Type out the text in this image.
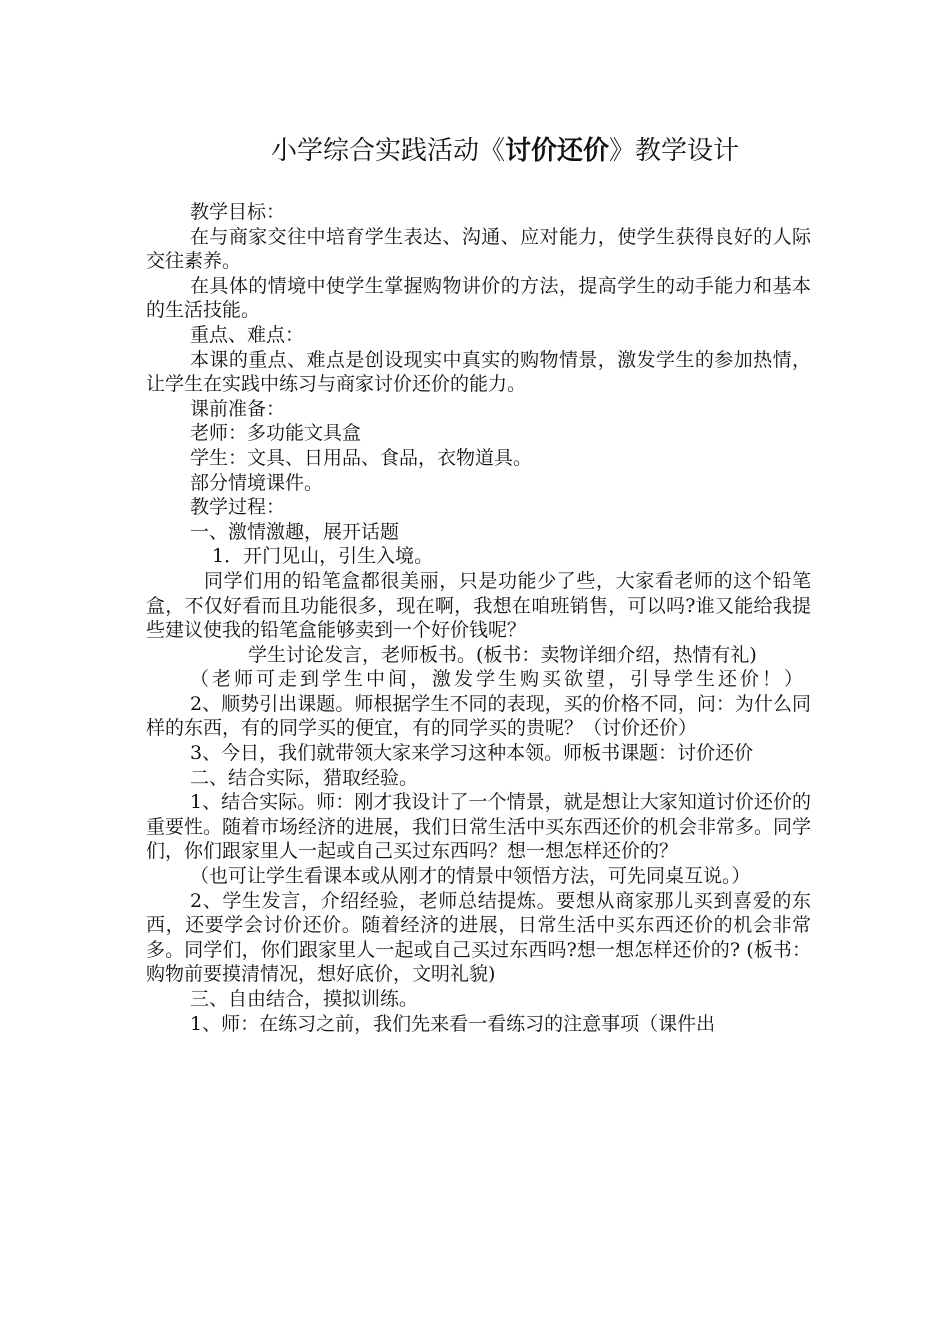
小学综合实践活动《讨价还价》教学设计

教学目标：

在与商家交往中培育学生表达、沟通、应对能力，使学生获得良好的人际交往素养。

在具体的情境中使学生掌握购物讲价的方法，提高学生的动手能力和基本的生活技能。

重点、难点：

本课的重点、难点是创设现实中真实的购物情景，激发学生的参加热情，让学生在实践中练习与商家讨价还价的能力。

课前准备：

老师：多功能文具盒

学生：文具、日用品、食品，衣物道具。

部分情境课件。

教学过程：

一、激情激趣，展开话题

1．开门见山，引生入境。

同学们用的铅笔盒都很美丽，只是功能少了些，大家看老师的这个铅笔盒，不仅好看而且功能很多，现在啊，我想在咱班销售，可以吗?谁又能给我提些建议使我的铅笔盒能够卖到一个好价钱呢？

学生讨论发言，老师板书。(板书：卖物详细介绍，热情有礼)

（老师可走到学生中间，激发学生购买欲望，引导学生还价！）

2、顺势引出课题。师根据学生不同的表现，买的价格不同，问：为什么同样的东西，有的同学买的便宜，有的同学买的贵呢？（讨价还价）

3、今日，我们就带领大家来学习这种本领。师板书课题：讨价还价

二、结合实际，猎取经验。

1、结合实际。师：刚才我设计了一个情景，就是想让大家知道讨价还价的重要性。随着市场经济的进展，我们日常生活中买东西还价的机会非常多。同学们，你们跟家里人一起或自己买过东西吗？想一想怎样还价的？

（也可让学生看课本或从刚才的情景中领悟方法，可先同桌互说。）

2、学生发言，介绍经验，老师总结提炼。要想从商家那儿买到喜爱的东西，还要学会讨价还价。随着经济的进展，日常生活中买东西还价的机会非常多。同学们，你们跟家里人一起或自己买过东西吗?想一想怎样还价的? (板书：购物前要摸清情况，想好底价，文明礼貌)

三、自由结合，摸拟训练。

1、师：在练习之前，我们先来看一看练习的注意事项（课件出
